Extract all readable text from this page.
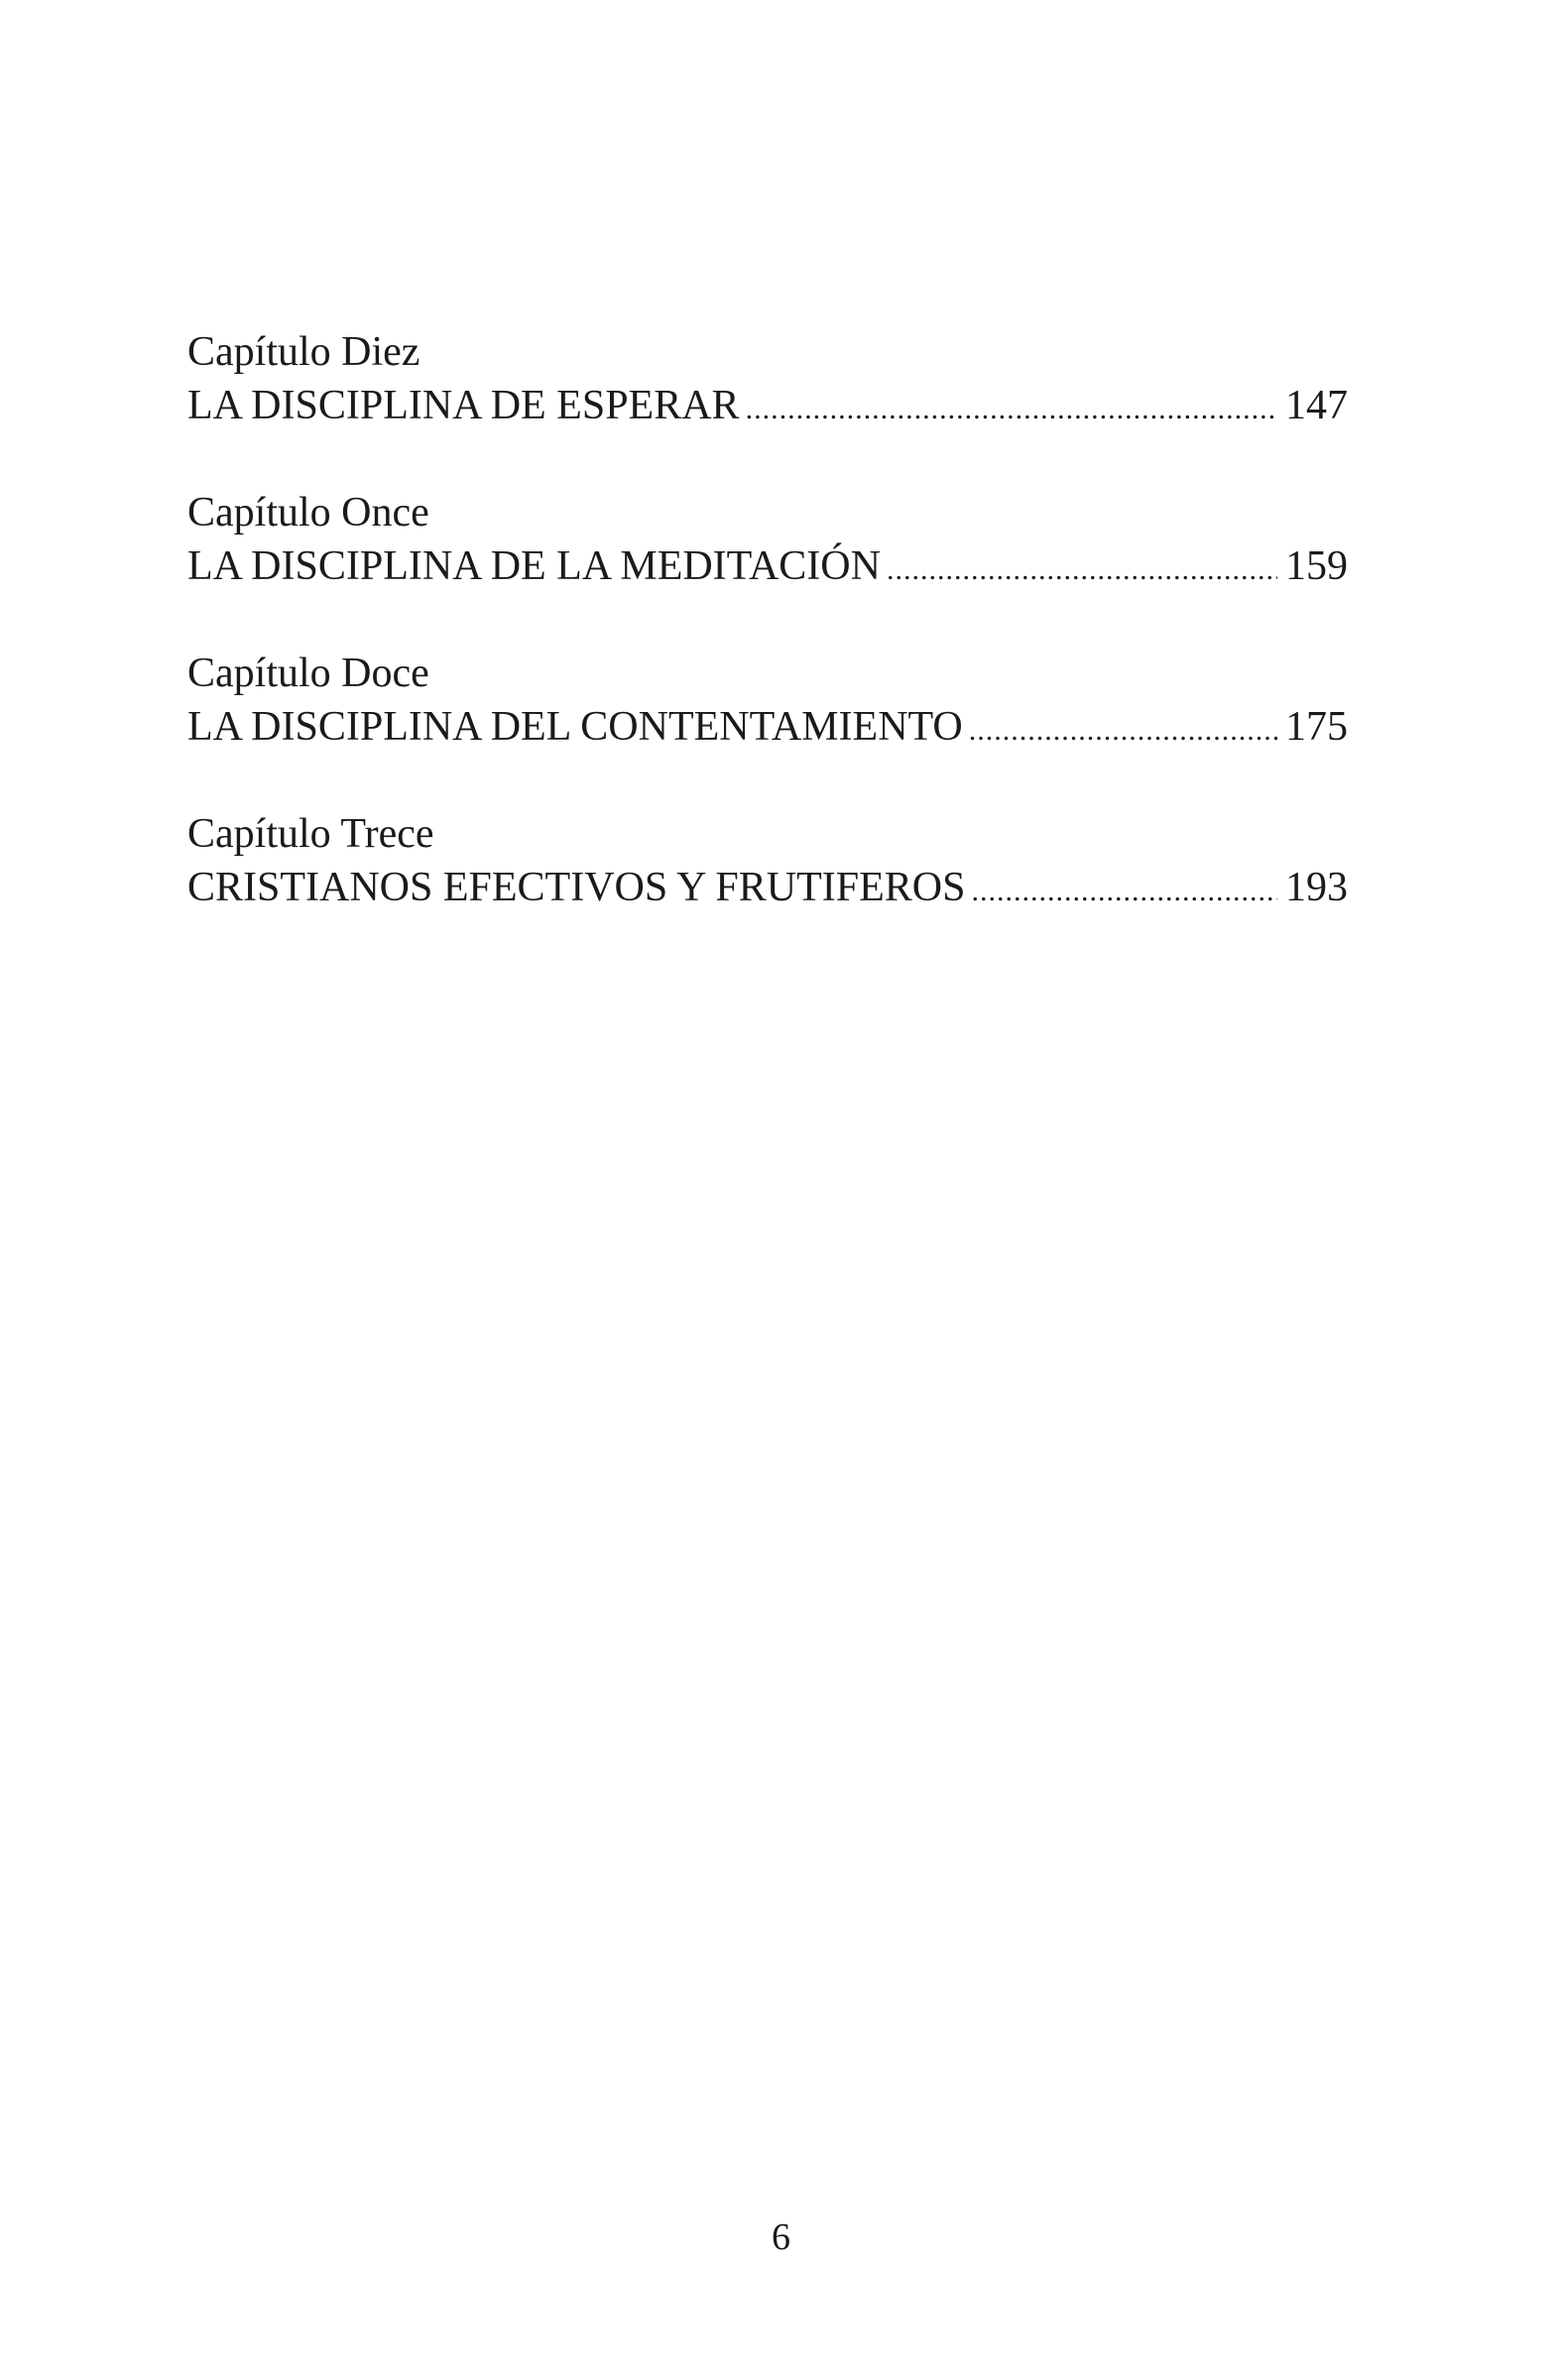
Capítulo Diez
LA DISCIPLINA DE ESPERAR .....	147
Capítulo Once
LA DISCIPLINA DE LA MEDITACIÓN .....	159
Capítulo Doce
LA DISCIPLINA DEL CONTENTAMIENTO .....	175
Capítulo Trece
CRISTIANOS EFECTIVOS Y FRUTIFEROS .....	193
6
